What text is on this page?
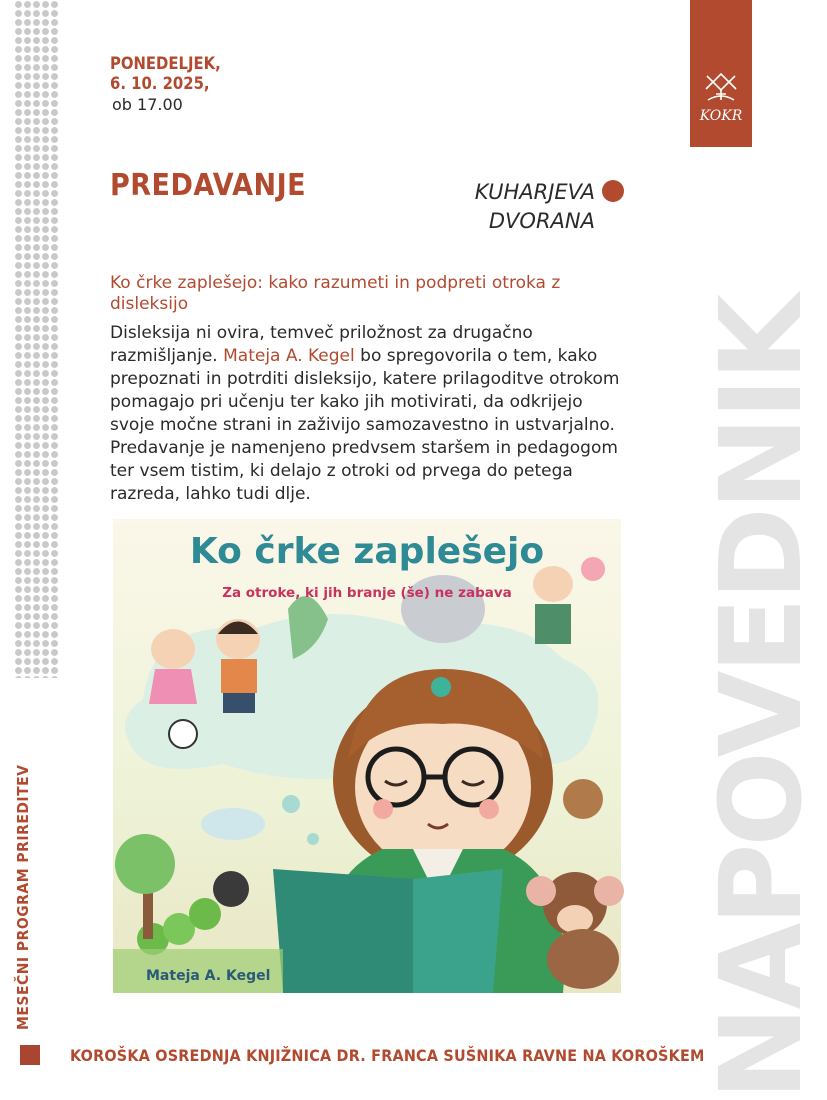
NAPOVEDNIK
KOKR
MESEČNI PROGRAM PRIREDITEV
PONEDELJEK,
6. 10. 2025,
ob 17.00
PREDAVANJE	KUHARJEVA
DVORANA
Ko črke zaplešejo: kako razumeti in podpreti otroka z disleksijo
Disleksija ni ovira, temveč priložnost za drugačno razmišljanje. Mateja A. Kegel bo spregovorila o tem, kako prepoznati in potrditi disleksijo, katere prilagoditve otrokom pomagajo pri učenju ter kako jih motivirati, da odkrijejo svoje močne strani in zaživijo samozavestno in ustvarjalno. Predavanje je namenjeno predvsem staršem in pedagogom ter vsem tistim, ki delajo z otroki od prvega do petega razreda, lahko tudi dlje.
Ko črke zaplešejo
Za otroke, ki jih branje (še) ne zabava
Mateja A. Kegel
KOROŠKA OSREDNJA KNJIŽNICA DR. FRANCA SUŠNIKA RAVNE NA KOROŠKEM
